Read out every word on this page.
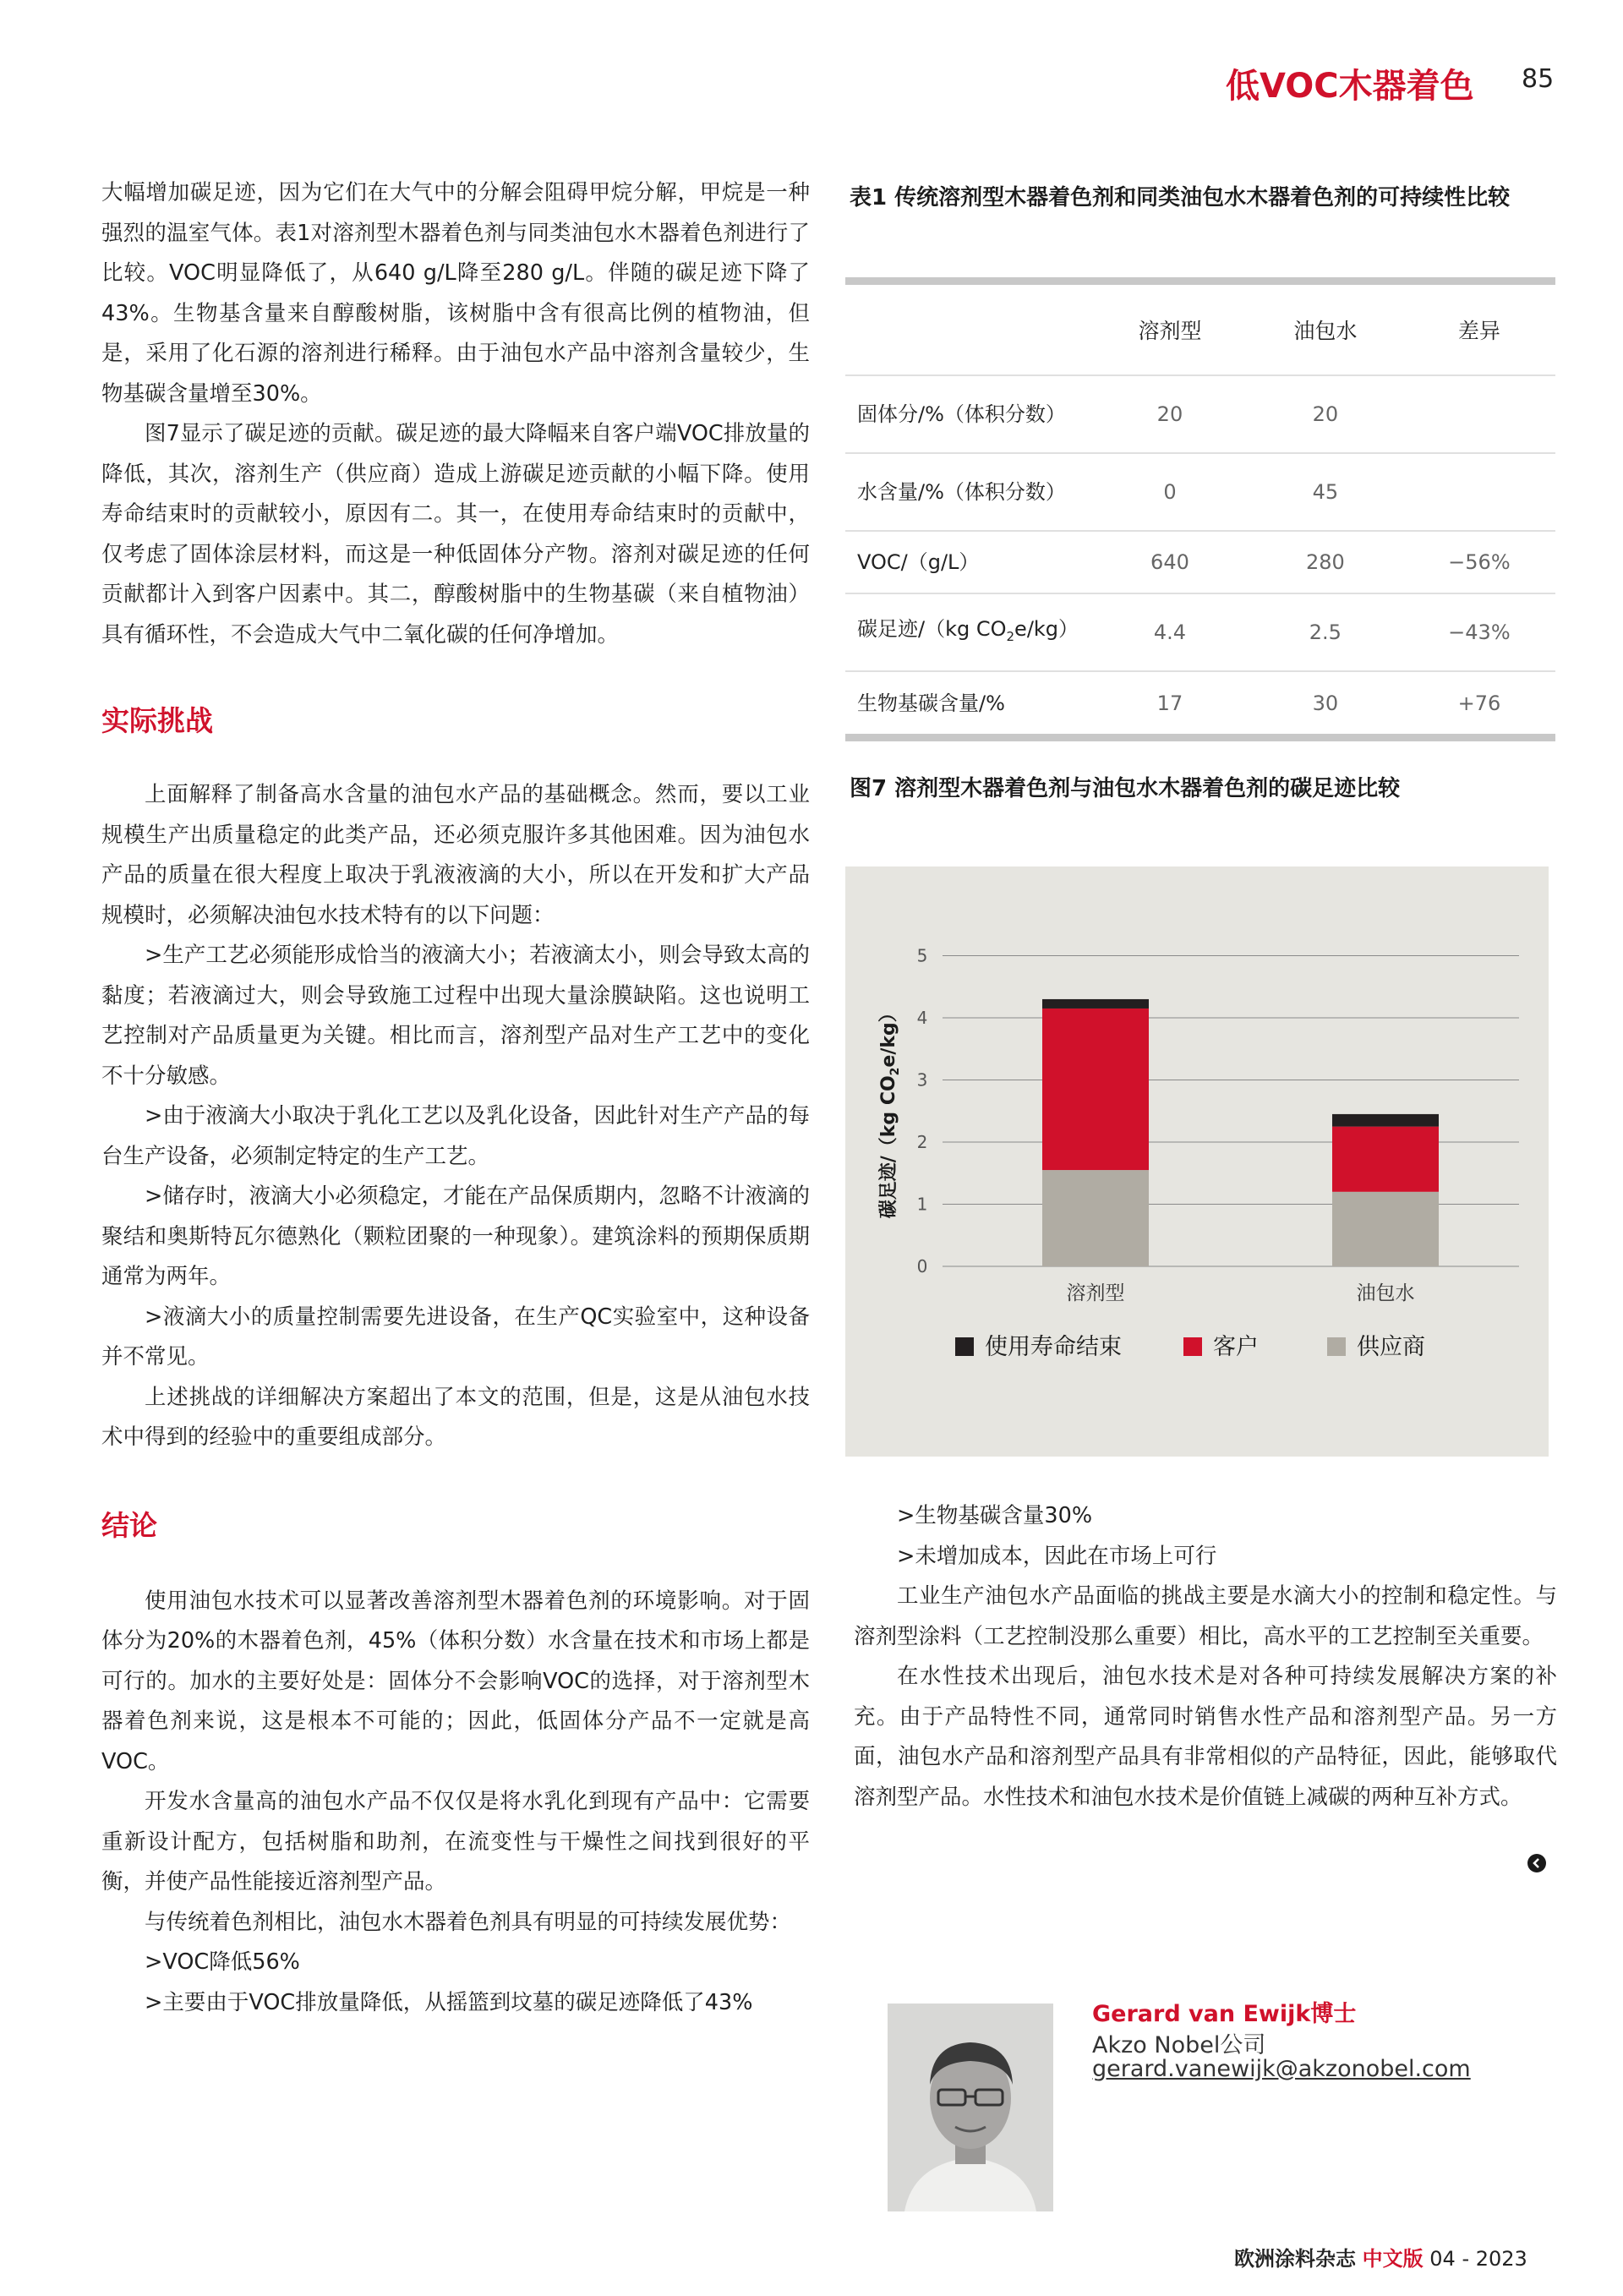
低VOC木器着色 85

大幅增加碳足迹，因为它们在大气中的分解会阻碍甲烷分解，甲烷是一种强烈的温室气体。表1对溶剂型木器着色剂与同类油包水木器着色剂进行了比较。VOC明显降低了，从640 g/L降至280 g/L。伴随的碳足迹下降了43%。生物基含量来自醇酸树脂，该树脂中含有很高比例的植物油，但是，采用了化石源的溶剂进行稀释。由于油包水产品中溶剂含量较少，生物基碳含量增至30%。

图7显示了碳足迹的贡献。碳足迹的最大降幅来自客户端VOC排放量的降低，其次，溶剂生产（供应商）造成上游碳足迹贡献的小幅下降。使用寿命结束时的贡献较小，原因有二。其一，在使用寿命结束时的贡献中，仅考虑了固体涂层材料，而这是一种低固体分产物。溶剂对碳足迹的任何贡献都计入到客户因素中。其二，醇酸树脂中的生物基碳（来自植物油）具有循环性，不会造成大气中二氧化碳的任何净增加。

实际挑战

上面解释了制备高水含量的油包水产品的基础概念。然而，要以工业规模生产出质量稳定的此类产品，还必须克服许多其他困难。因为油包水产品的质量在很大程度上取决于乳液液滴的大小，所以在开发和扩大产品规模时，必须解决油包水技术特有的以下问题：

>生产工艺必须能形成恰当的液滴大小；若液滴太小，则会导致太高的黏度；若液滴过大，则会导致施工过程中出现大量涂膜缺陷。这也说明工艺控制对产品质量更为关键。相比而言，溶剂型产品对生产工艺中的变化不十分敏感。

>由于液滴大小取决于乳化工艺以及乳化设备，因此针对生产产品的每台生产设备，必须制定特定的生产工艺。

>储存时，液滴大小必须稳定，才能在产品保质期内，忽略不计液滴的聚结和奥斯特瓦尔德熟化（颗粒团聚的一种现象）。建筑涂料的预期保质期通常为两年。

>液滴大小的质量控制需要先进设备，在生产QC实验室中，这种设备并不常见。

上述挑战的详细解决方案超出了本文的范围，但是，这是从油包水技术中得到的经验中的重要组成部分。

结论

使用油包水技术可以显著改善溶剂型木器着色剂的环境影响。对于固体分为20%的木器着色剂，45%（体积分数）水含量在技术和市场上都是可行的。加水的主要好处是：固体分不会影响VOC的选择，对于溶剂型木器着色剂来说，这是根本不可能的；因此，低固体分产品不一定就是高VOC。

开发水含量高的油包水产品不仅仅是将水乳化到现有产品中：它需要重新设计配方，包括树脂和助剂，在流变性与干燥性之间找到很好的平衡，并使产品性能接近溶剂型产品。

与传统着色剂相比，油包水木器着色剂具有明显的可持续发展优势：

>VOC降低56%

>主要由于VOC排放量降低，从摇篮到坟墓的碳足迹降低了43%

表1 传统溶剂型木器着色剂和同类油包水木器着色剂的可持续性比较
	溶剂型	油包水	差异
固体分/%（体积分数）	20	20	
水含量/%（体积分数）	0	45	
VOC/（g/L）	640	280	−56%
碳足迹/（kg $CO_2e/kg$）	4.4	2.5	−43%
生物基碳含量/%	17	30	+76
图7 溶剂型木器着色剂与油包水木器着色剂的碳足迹比较
0
1
2
3
4
5
碳足迹/（kg $CO_2e/kg$）
溶剂型	油包水
使用寿命结束	客户	供应商

>生物基碳含量30%

>未增加成本，因此在市场上可行

工业生产油包水产品面临的挑战主要是水滴大小的控制和稳定性。与溶剂型涂料（工艺控制没那么重要）相比，高水平的工艺控制至关重要。

在水性技术出现后，油包水技术是对各种可持续发展解决方案的补充。由于产品特性不同，通常同时销售水性产品和溶剂型产品。另一方面，油包水产品和溶剂型产品具有非常相似的产品特征，因此，能够取代溶剂型产品。水性技术和油包水技术是价值链上减碳的两种互补方式。

Gerard van Ewijk博士
Akzo Nobel公司
gerard.vanewijk@akzonobel.com
欧洲涂料杂志 中文版 04 - 2023
